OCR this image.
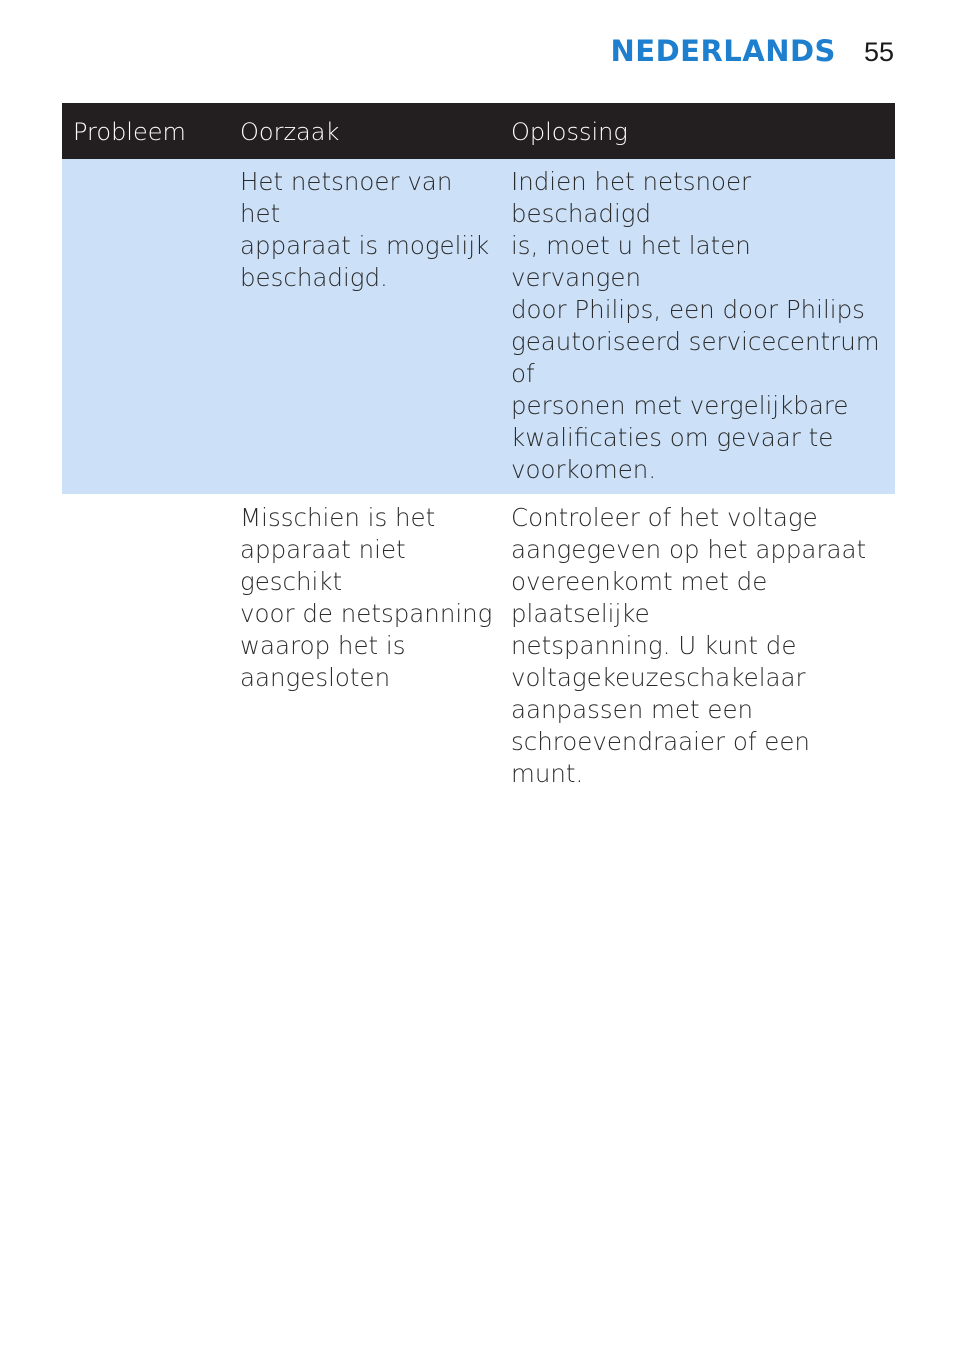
NEDERLANDS 55
Probleem	Oorzaak	Oplossing
Het netsnoer van het
apparaat is mogelijk
beschadigd.
Indien het netsnoer beschadigd
is, moet u het laten vervangen
door Philips, een door Philips
geautoriseerd servicecentrum of
personen met vergelijkbare
kwalificaties om gevaar te
voorkomen.
Misschien is het
apparaat niet geschikt
voor de netspanning
waarop het is
aangesloten
Controleer of het voltage
aangegeven op het apparaat
overeenkomt met de plaatselijke
netspanning. U kunt de
voltagekeuzeschakelaar
aanpassen met een
schroevendraaier of een munt.
